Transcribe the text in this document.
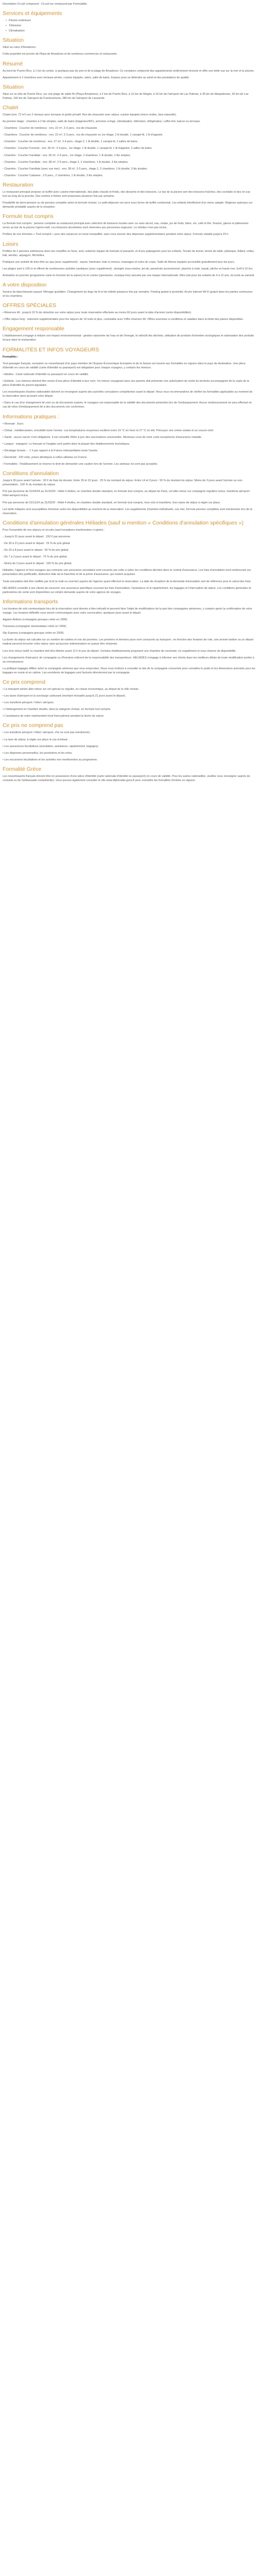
Description Ce joli compound - Ce joli rez compound par Formulable.
Services et équipements
• Piscine extérieure
• Télévision
• Climatisation
Situation

Situé au cœur d'Amadores.

Cette propriété est proche de Playa de Amadores et de nombreux commerces et restaurants.

Résumé

Au bord de Puerto Rico, à 1 km du centre, à quelques pas du port et de la plage de Amadores. Ce complexe comprend des appartements entièrement rénovés et offre une belle vue sur la mer et la piscine.

Appartement à 2 chambres avec terrasse privée, cuisine équipée, salon, salle de bains. Espace pour se détendre au soleil et des prestations de qualité.

Situation

Situé sur la côte de Puerto Rico, sur une plage de sable fin (Playa Amadores), à 2 km de Puerto Rico, à 12 km de Mogán, à 15 km de l'aéroport de Las Palmas, à 35 km de Maspalomas, 30 km de Las Palmas, 160 km de l'aéroport de Fuerteventura, 280 km de l'aéroport de Lanzarote.

Chalet

Chalet (env. 72 m²) sur 2 niveaux avec terrasse et jardin privatif. Rez-de-chaussée avec séjour, cuisine équipée (micro-ondes, lave-vaisselle).

Au premier étage : chambre à 2 lits simples, salle de bains (baignoire/WC), armoires à linge, climatisation, télévision, réfrigérateur, coffre-fort, balcon ou terrasse.

- Chambres : Coucher de nombreux : env. 22 m², 2-3 pers., rez-de-chaussée.

- Chambres : Coucher de nombreux : env. 22 m², 2-3 pers., rez-de-chaussée ou 1er étage, 1 lit double, 1 canapé-lit, 1 lit d'appoint.

- Chambre : Coucher de nombreux : env. 27 m², 2-4 pers., étage 2, 1 lit double, 1 canapé-lit, 2 salles de bains.

- Chambre : Coucher Formule : env. 36 m², 2-4 pers., 1er étage, 1 lit double, 1 canapé-lit, 1 lit d'appoint, 2 salles de bains.

- Chambre : Coucher Familiale : env. 30 m², 2-4 pers., 1er étage, 2 chambres, 1 lit double, 2 lits simples.

- Chambre : Coucher Familiale : env. 38 m², 2-5 pers., étage 2, 2 chambres, 1 lit double, 3 lits simples.

- Chambre : Coucher Familiale (avec vue mer) : env. 38 m², 2-5 pers., étage 2, 2 chambres, 1 lit double, 3 lits simples.

- Chambre : Coucher Cabanes : 2-5 pers., 2 chambres, 1 lit double, 3 lits simples.

Restauration

Le restaurant principal propose un buffet avec cuisine internationale, des plats chauds et froids, des desserts et des boissons. Le bar de la piscine sert des boissons fraîches, des cocktails et des en-cas tout au long de la journée. Des soirées à thème sont proposées plusieurs fois par semaine.

Possibilité de demi-pension ou de pension complète selon la formule choisie. Le petit-déjeuner est servi sous forme de buffet continental. Les enfants bénéficient d'un menu adapté. Régimes spéciaux sur demande préalable auprès de la réception.

Formule tout compris

La formule tout compris : pension complète au restaurant principal avec sélection de boissons locales avec ou sans alcool, eau, sodas, jus de fruits, bière, vin, café et thé. Snacks, glaces et pâtisseries servis au bar de la piscine l'après-midi. Les boissons alcoolisées sont réservées aux personnes majeures. Le minibar n'est pas inclus.

Profitez de nos formules « Tout compris » pour des vacances en toute tranquillité, sans vous soucier des dépenses supplémentaires pendant votre séjour. Formule valable jusqu'à 23 h.

Loisirs

Profitez de 2 piscines extérieures dont une chauffée en hiver, avec solarium équipé de transats et parasols, et d'une pataugeoire pour les enfants. Terrain de tennis, tennis de table, pétanque, billard, volley-ball, aérobic, aquagym, fléchettes.

Pratiquez une activité de bien-être au spa (avec supplément) : sauna, hammam, bain à remous, massages et soins du corps. Salle de fitness équipée accessible gratuitement tous les jours.

Les plages sont à 100 m et offrent de nombreuses activités nautiques (avec supplément) : plongée sous-marine, jet-ski, parachute ascensionnel, planche à voile, kayak, pêche en haute mer. Golf à 10 km.

Animation en journée (programme varié en fonction de la saison) et en soirée (spectacles, musique live) assurée par une équipe internationale. Mini-club pour les enfants de 4 à 12 ans, du lundi au samedi.

A votre disposition

Service de blanchisserie payant. Ménage quotidien. Changement du linge de lit et de toilette plusieurs fois par semaine. Parking gratuit à proximité. Accès internet Wi-Fi gratuit dans les parties communes et les chambres.

OFFRES SPÉCIALES

• Réservez tôt : jusqu'à 15 % de réduction sur votre séjour pour toute réservation effectuée au moins 60 jours avant la date d'arrivée (selon disponibilités).

• Offre séjour long : réduction supplémentaire pour les séjours de 14 nuits et plus, cumulable avec l'offre réservez tôt. Offres soumises à conditions et valables dans la limite des places disponibles.

Engagement responsable

L'établissement s'engage à réduire son impact environnemental : gestion raisonnée de l'eau et de l'énergie, tri sélectif des déchets, utilisation de produits d'entretien écologiques et valorisation des produits locaux dans la restauration.

FORMALITÉS ET INFOS VOYAGEURS

Formalités :

Tout passager français, européen ou ressortissant d'un pays membre de l'Espace Économique Européen et de la Suisse est soumis aux formalités en vigueur dans le pays de destination. Une pièce d'identité en cours de validité (carte d'identité ou passeport) est obligatoire pour chaque voyageur, y compris les mineurs.

• Adultes : Carte nationale d'identité ou passeport en cours de validité.

• Enfants : Les mineurs doivent être munis d'une pièce d'identité à leur nom. Un mineur voyageant sans ses parents doit présenter une autorisation de sortie du territoire accompagnée de la copie de la pièce d'identité du parent signataire.

Les ressortissants d'autres nationalités doivent se renseigner auprès des autorités consulaires compétentes avant le départ. Nous vous recommandons de vérifier les formalités applicables au moment de la réservation ainsi qu'avant votre départ.

• Dans le cas d'un changement de nom ou de documents expirés, le voyageur est responsable de la validité des documents présentés lors de l'embarquement. Aucun remboursement ne sera effectué en cas de refus d'embarquement lié à des documents non conformes.

Informations pratiques :

• Monnaie : Euro.

• Climat : méditerranéen, ensoleillé toute l'année. Les températures moyennes oscillent entre 19 °C en hiver et 27 °C en été. Prévoyez une crème solaire et un couvre-chef.

• Santé : aucun vaccin n'est obligatoire. Il est conseillé d'être à jour des vaccinations universelles. Munissez-vous de votre carte européenne d'assurance maladie.

• Langue : espagnol. Le français et l'anglais sont parlés dans la plupart des établissements touristiques.

• Décalage horaire : - 1 h par rapport à la France métropolitaine toute l'année.

• Électricité : 220 volts, prises identiques à celles utilisées en France.

• Formalités : l'établissement se réserve le droit de demander une caution lors de l'arrivée. Les animaux ne sont pas acceptés.

Conditions d'annulation

Jusqu'à 30 jours avant l'arrivée : 30 € de frais de dossier. Entre 29 et 15 jours : 25 % du montant du séjour. Entre 14 et 3 jours : 50 % du montant du séjour. Moins de 3 jours avant l'arrivée ou non-présentation : 100 % du montant du séjour.

Prix par personne de 01/04/24 au 31/10/24 : Hôtel 4 étoiles, en chambre double standard, en formule tout compris, au départ de Paris, vol aller-retour sur compagnie régulière inclus, transferts aéroport-hôtel-aéroport inclus.

Prix par personne de 01/11/24 au 31/03/25 : Hôtel 4 étoiles, en chambre double standard, en formule tout compris, hors vols et transferts, hors taxes de séjour à régler sur place.

Les tarifs indiqués sont susceptibles d'évoluer selon les disponibilités au moment de la réservation. Les suppléments (chambre individuelle, vue mer, formule pension complète) sont mentionnés lors de la réservation.

Conditions d'annulation générales Héliades (sauf si mention « Conditions d'annulation spécifiques »)

Pour l'ensemble de nos séjours et circuits (sauf exceptions mentionnées ci-après) :

- Jusqu'à 31 jours avant le départ : 150 € par personne.

- De 30 à 21 jours avant le départ : 25 % du prix global.

- De 20 à 8 jours avant le départ : 50 % du prix global.

- De 7 à 2 jours avant le départ : 75 % du prix global.

- Moins de 2 jours avant le départ : 100 % du prix global.

Héliades, l'agence et tout voyageur qui contracte une assurance annulation sont couverts par celle-ci selon les conditions décrites dans le contrat d'assurance. Les frais d'annulation sont remboursés sur présentation des justificatifs, déduction faite de la franchise et de la prime d'assurance, qui restent acquises.

Toute annulation doit être notifiée par écrit (e-mail ou courrier) auprès de l'agence ayant effectué la réservation. La date de réception de la demande d'annulation sert de référence pour le calcul des frais.

HÉLIADES conseille à ses clients de souscrire une assurance spécifique couvrant les frais d'annulation, l'assistance et le rapatriement, les bagages et l'interruption de séjour. Les conditions générales et particulières de vente sont disponibles sur simple demande auprès de votre agence de voyages.

Informations transports

Les horaires de vols communiqués lors de la réservation sont donnés à titre indicatif et peuvent faire l'objet de modifications de la part des compagnies aériennes, y compris après la confirmation de votre voyage. Les horaires définitifs vous seront communiqués avec votre convocation, quelques jours avant le départ.

Aigaion Airlines (compagnie grecque créée en 1999)

Transavia (compagnie néerlandaise créée en 1965)

Sky Express (compagnie grecque créée en 2005)

La durée du séjour est calculée sur un nombre de nuitées et non de journées. Les premiers et derniers jours sont consacrés au transport ; en fonction des horaires de vols, une arrivée tardive ou un départ matinal peuvent écourter votre séjour sans qu'aucune indemnisation ne puisse être réclamée.

Lors d'un retour tardif, la chambre doit être libérée avant 12 h le jour du départ. Certains établissements proposent une chambre de courtoisie, en supplément et sous réserve de disponibilité.

Les changements d'aéroport, de compagnie ou d'horaires relèvent de la responsabilité des transporteurs. HÉLIADES s'engage à informer ses clients dans les meilleurs délais de toute modification portée à sa connaissance.

La politique bagages diffère selon la compagnie aérienne que vous empruntez. Nous vous invitons à consulter le site de la compagnie concernée pour connaître le poids et les dimensions autorisés pour les bagages en soute et en cabine. Les excédents de bagages sont facturés directement par la compagnie.

Ce prix comprend

• Le transport aérien aller-retour sur vol spécial ou régulier, en classe économique, au départ de la ville choisie.

• Les taxes d'aéroport et la surcharge carburant (montant révisable jusqu'à 21 jours avant le départ).

• Les transferts aéroport / hôtel / aéroport.

• L'hébergement en chambre double, dans la catégorie choisie, en formule tout compris.

• L'assistance de notre représentant local francophone pendant la durée du séjour.

Ce prix ne comprend pas

• Les transferts aéroport / hôtel / aéroport, s'ils ne sont pas mentionnés.

• La taxe de séjour, à régler sur place le cas échéant.

• Les assurances facultatives (annulation, assistance, rapatriement, bagages).

• Les dépenses personnelles, les pourboires et les extra.

• Les excursions facultatives et les activités non mentionnées au programme.

Formalité Grèce

Les ressortissants français doivent être en possession d'une pièce d'identité (carte nationale d'identité ou passeport) en cours de validité. Pour les autres nationalités, veuillez vous renseigner auprès du consulat ou de l'ambassade compétent(e). Vous pouvez également consulter le site www.diplomatie.gouv.fr pour connaître les formalités d'entrée en vigueur.
